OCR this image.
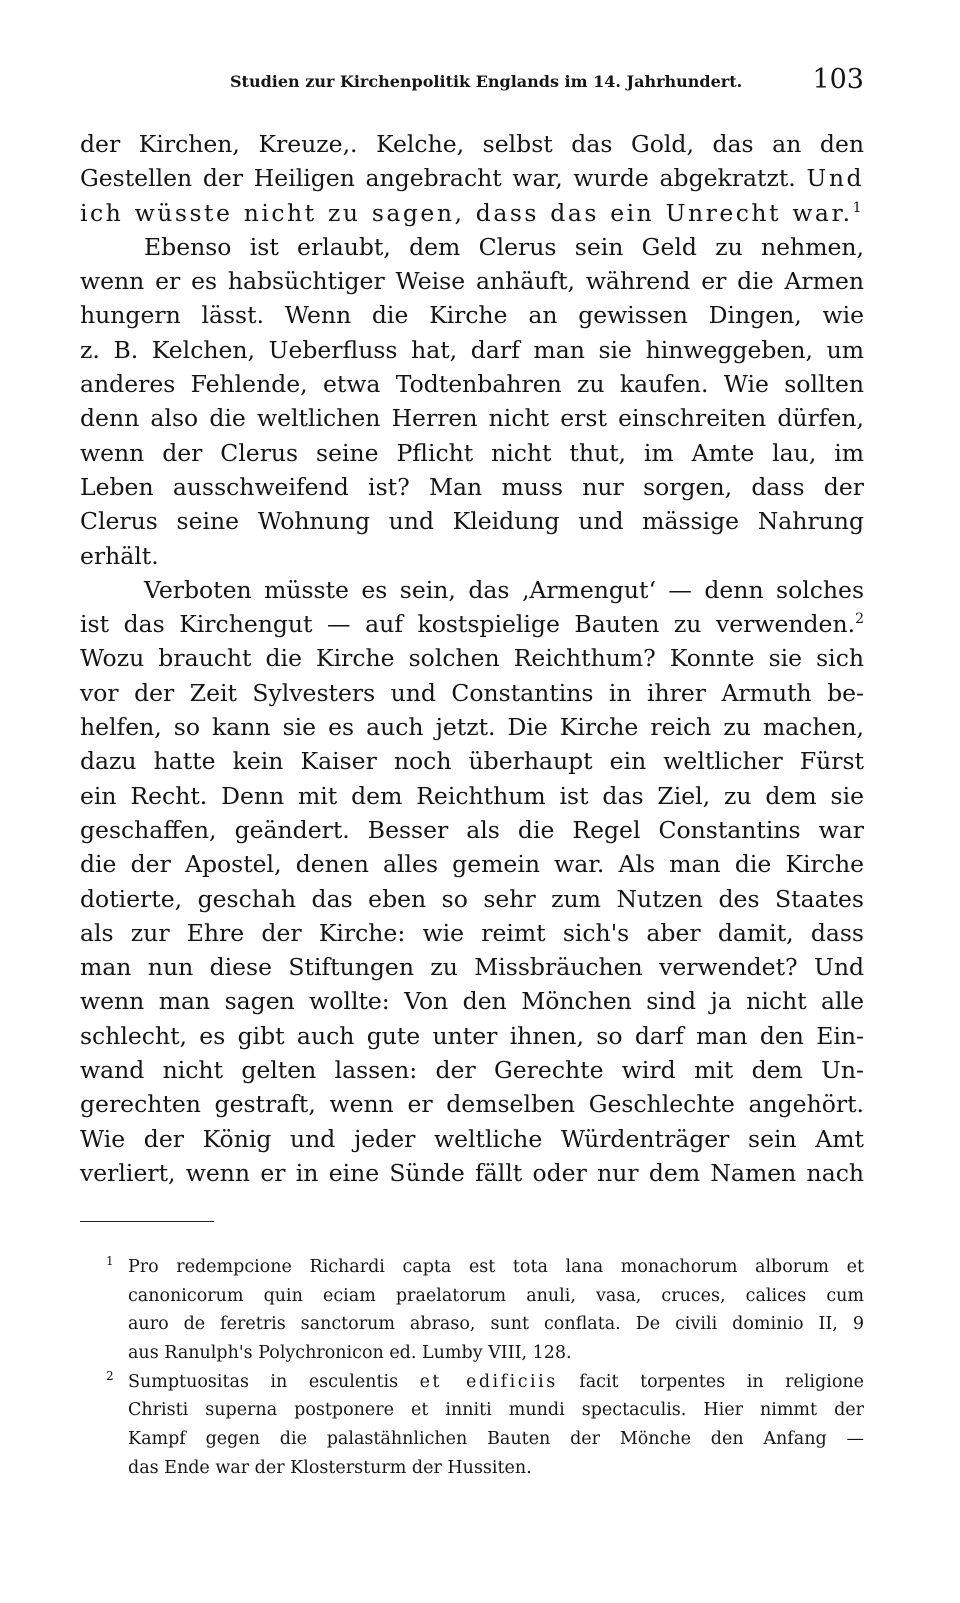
Studien zur Kirchenpolitik Englands im 14. Jahrhundert.	103
der Kirchen, Kreuze,. Kelche, selbst das Gold, das an den
Gestellen der Heiligen angebracht war, wurde abgekratzt. Und
ich wüsste nicht zu sagen, dass das ein Unrecht war.$^1$
Ebenso ist erlaubt, dem Clerus sein Geld zu nehmen,
wenn er es habsüchtiger Weise anhäuft, während er die Armen
hungern lässt. Wenn die Kirche an gewissen Dingen, wie
z. B. Kelchen, Ueberfluss hat, darf man sie hinweggeben, um
anderes Fehlende, etwa Todtenbahren zu kaufen. Wie sollten
denn also die weltlichen Herren nicht erst einschreiten dürfen,
wenn der Clerus seine Pflicht nicht thut, im Amte lau, im
Leben ausschweifend ist? Man muss nur sorgen, dass der
Clerus seine Wohnung und Kleidung und mässige Nahrung
erhält.
Verboten müsste es sein, das ‚Armengut‘ — denn solches
ist das Kirchengut — auf kostspielige Bauten zu verwenden.$^2$
Wozu braucht die Kirche solchen Reichthum? Konnte sie sich
vor der Zeit Sylvesters und Constantins in ihrer Armuth be-
helfen, so kann sie es auch jetzt. Die Kirche reich zu machen,
dazu hatte kein Kaiser noch überhaupt ein weltlicher Fürst
ein Recht. Denn mit dem Reichthum ist das Ziel, zu dem sie
geschaffen, geändert. Besser als die Regel Constantins war
die der Apostel, denen alles gemein war. Als man die Kirche
dotierte, geschah das eben so sehr zum Nutzen des Staates
als zur Ehre der Kirche: wie reimt sich's aber damit, dass
man nun diese Stiftungen zu Missbräuchen verwendet? Und
wenn man sagen wollte: Von den Mönchen sind ja nicht alle
schlecht, es gibt auch gute unter ihnen, so darf man den Ein-
wand nicht gelten lassen: der Gerechte wird mit dem Un-
gerechten gestraft, wenn er demselben Geschlechte angehört.
Wie der König und jeder weltliche Würdenträger sein Amt
verliert, wenn er in eine Sünde fällt oder nur dem Namen nach
1 Pro redempcione Richardi capta est tota lana monachorum alborum et
canonicorum quin eciam praelatorum anuli, vasa, cruces, calices cum
auro de feretris sanctorum abraso, sunt conflata. De civili dominio II, 9
aus Ranulph's Polychronicon ed. Lumby VIII, 128.
2 Sumptuositas in esculentis et edificiis facit torpentes in religione
Christi superna postponere et inniti mundi spectaculis. Hier nimmt der
Kampf gegen die palastähnlichen Bauten der Mönche den Anfang —
das Ende war der Klostersturm der Hussiten.
